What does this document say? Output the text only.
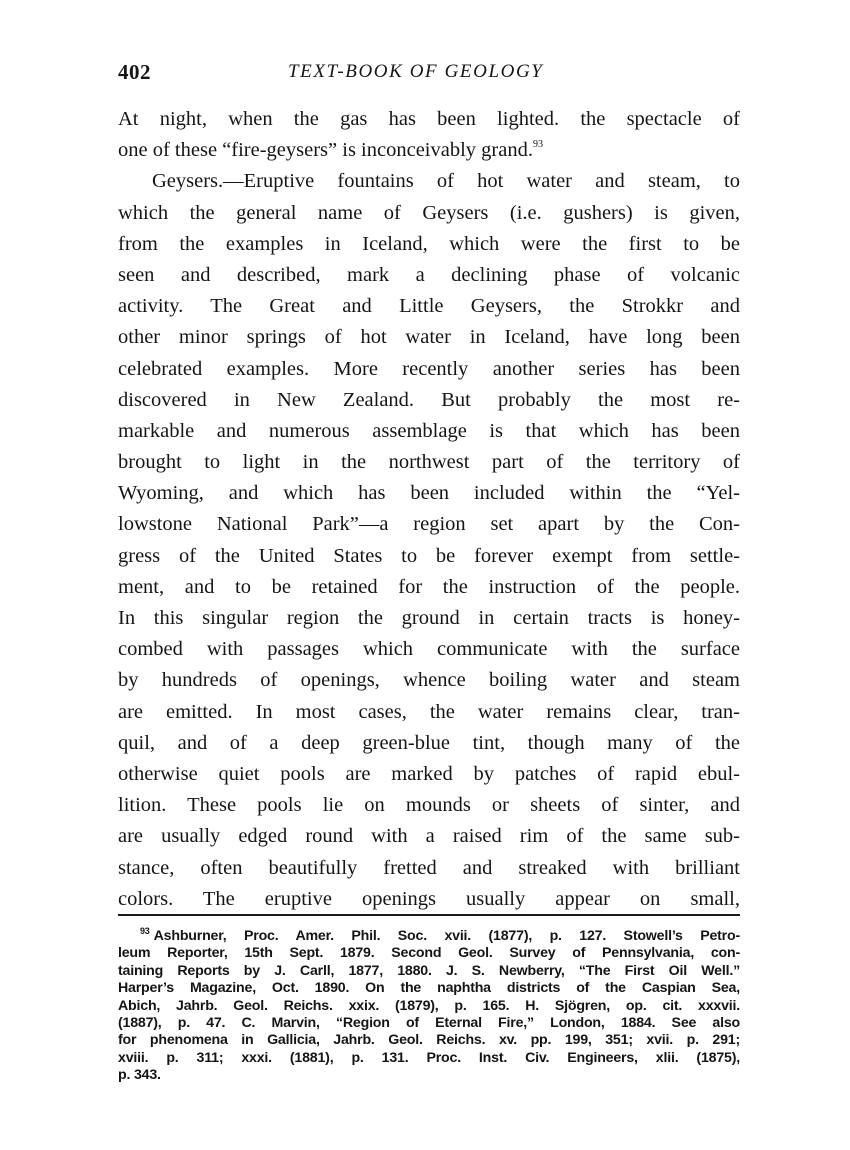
402	TEXT-BOOK OF GEOLOGY
At night, when the gas has been lighted. the spectacle of
one of these “fire-geysers” is inconceivably grand.$^{93}$
Geysers.—Eruptive fountains of hot water and steam, to
which the general name of Geysers (i.e. gushers) is given,
from the examples in Iceland, which were the first to be
seen and described, mark a declining phase of volcanic
activity. The Great and Little Geysers, the Strokkr and
other minor springs of hot water in Iceland, have long been
celebrated examples. More recently another series has been
discovered in New Zealand. But probably the most re-
markable and numerous assemblage is that which has been
brought to light in the northwest part of the territory of
Wyoming, and which has been included within the “Yel-
lowstone National Park”—a region set apart by the Con-
gress of the United States to be forever exempt from settle-
ment, and to be retained for the instruction of the people.
In this singular region the ground in certain tracts is honey-
combed with passages which communicate with the surface
by hundreds of openings, whence boiling water and steam
are emitted. In most cases, the water remains clear, tran-
quil, and of a deep green-blue tint, though many of the
otherwise quiet pools are marked by patches of rapid ebul-
lition. These pools lie on mounds or sheets of sinter, and
are usually edged round with a raised rim of the same sub-
stance, often beautifully fretted and streaked with brilliant
colors. The eruptive openings usually appear on small,
$^{93}$ Ashburner, Proc. Amer. Phil. Soc. xvii. (1877), p. 127. Stowell’s Petro-
leum Reporter, 15th Sept. 1879. Second Geol. Survey of Pennsylvania, con-
taining Reports by J. Carll, 1877, 1880. J. S. Newberry, “The First Oil Well.”
Harper’s Magazine, Oct. 1890. On the naphtha districts of the Caspian Sea,
Abich, Jahrb. Geol. Reichs. xxix. (1879), p. 165. H. Sjögren, op. cit. xxxvii.
(1887), p. 47. C. Marvin, “Region of Eternal Fire,” London, 1884. See also
for phenomena in Gallicia, Jahrb. Geol. Reichs. xv. pp. 199, 351; xvii. p. 291;
xviii. p. 311; xxxi. (1881), p. 131. Proc. Inst. Civ. Engineers, xlii. (1875),
p. 343.
